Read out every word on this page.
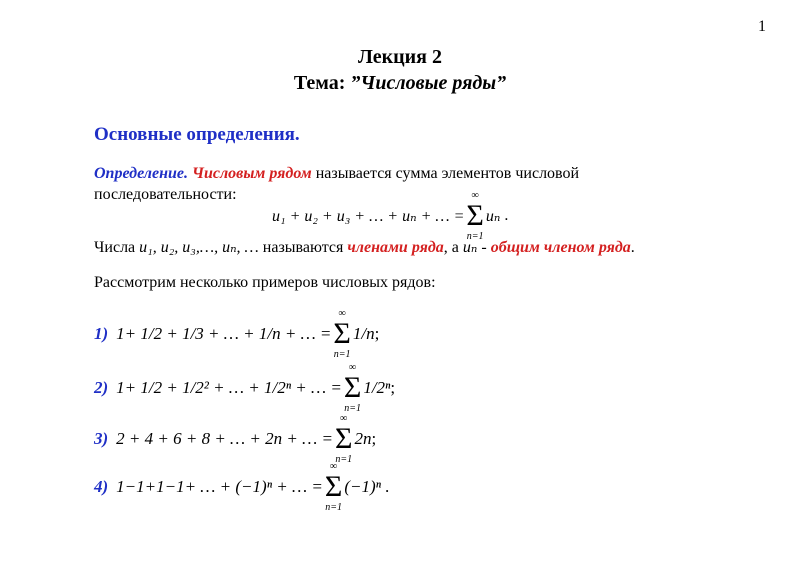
1
Лекция 2
Тема: ”Числовые ряды”
Основные определения.
Определение. Числовым рядом называется сумма элементов числовой последовательности:
u₁ + u₂ + u₃ + … + uₙ + … =
∞
Σ
n=1
uₙ .
Числа u₁, u₂, u₃,…, uₙ, … называются членами ряда, а uₙ - общим членом ряда.
Рассмотрим несколько примеров числовых рядов:
1) 1+ 1/2 + 1/3 + … + 1/n + … =
∞
Σ
n=1
1/n ;
2) 1+ 1/2 + 1/2² + … + 1/2ⁿ + … =
∞
Σ
n=1
1/2ⁿ ;
3) 2 + 4 + 6 + 8 + … + 2n + … =
∞
Σ
n=1
2n ;
4) 1−1+1−1+ … + (−1)ⁿ + … =
∞
Σ
n=1
(−1)ⁿ .
